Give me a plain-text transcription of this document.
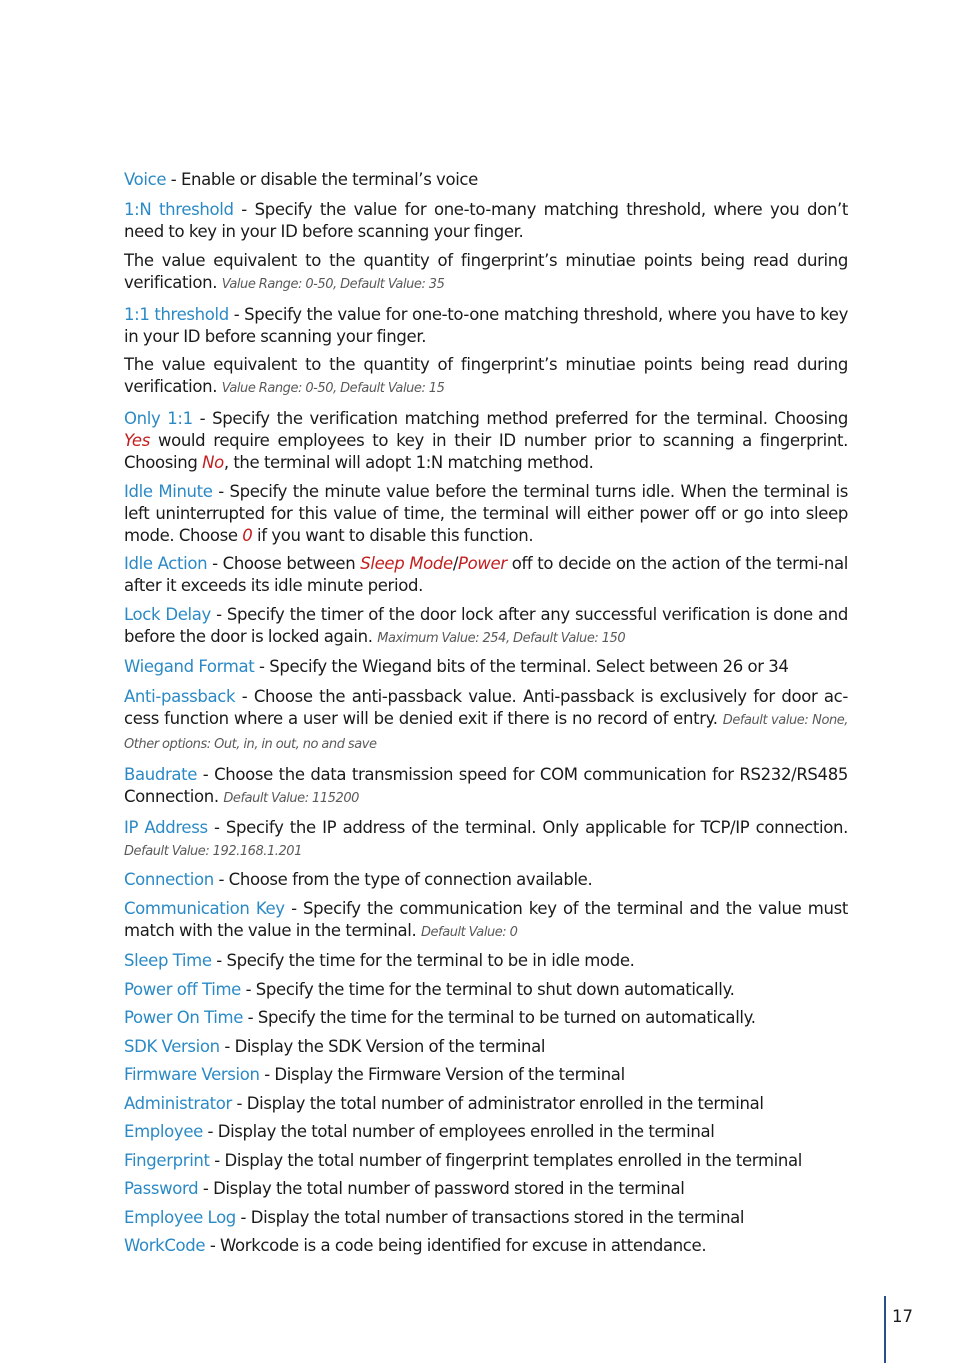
Voice - Enable or disable the terminal’s voice

1:N threshold - Specify the value for one-to-many matching threshold, where you don’t need to key in your ID before scanning your finger.

The value equivalent to the quantity of fingerprint’s minutiae points being read during verification. Value Range: 0-50, Default Value: 35

1:1 threshold - Specify the value for one-to-one matching threshold, where you have to key in your ID before scanning your finger.

The value equivalent to the quantity of fingerprint’s minutiae points being read during verification. Value Range: 0-50, Default Value: 15

Only 1:1 - Specify the verification matching method preferred for the terminal. Choosing Yes would require employees to key in their ID number prior to scanning a fingerprint. Choosing No, the terminal will adopt 1:N matching method.

Idle Minute - Specify the minute value before the terminal turns idle. When the terminal is left uninterrupted for this value of time, the terminal will either power off or go into sleep mode. Choose 0 if you want to disable this function.

Idle Action - Choose between Sleep Mode/Power off to decide on the action of the termi-nal after it exceeds its idle minute period.

Lock Delay - Specify the timer of the door lock after any successful verification is done and before the door is locked again. Maximum Value: 254, Default Value: 150

Wiegand Format - Specify the Wiegand bits of the terminal. Select between 26 or 34

Anti-passback - Choose the anti-passback value. Anti-passback is exclusively for door ac-cess function where a user will be denied exit if there is no record of entry. Default value: None, Other options: Out, in, in out, no and save

Baudrate - Choose the data transmission speed for COM communication for RS232/RS485 Connection. Default Value: 115200

IP Address - Specify the IP address of the terminal. Only applicable for TCP/IP connection. Default Value: 192.168.1.201

Connection - Choose from the type of connection available.

Communication Key - Specify the communication key of the terminal and the value must match with the value in the terminal. Default Value: 0

Sleep Time - Specify the time for the terminal to be in idle mode.

Power off Time - Specify the time for the terminal to shut down automatically.

Power On Time - Specify the time for the terminal to be turned on automatically.

SDK Version - Display the SDK Version of the terminal

Firmware Version - Display the Firmware Version of the terminal

Administrator - Display the total number of administrator enrolled in the terminal

Employee - Display the total number of employees enrolled in the terminal

Fingerprint - Display the total number of fingerprint templates enrolled in the terminal

Password - Display the total number of password stored in the terminal

Employee Log - Display the total number of transactions stored in the terminal

WorkCode - Workcode is a code being identified for excuse in attendance.

17
